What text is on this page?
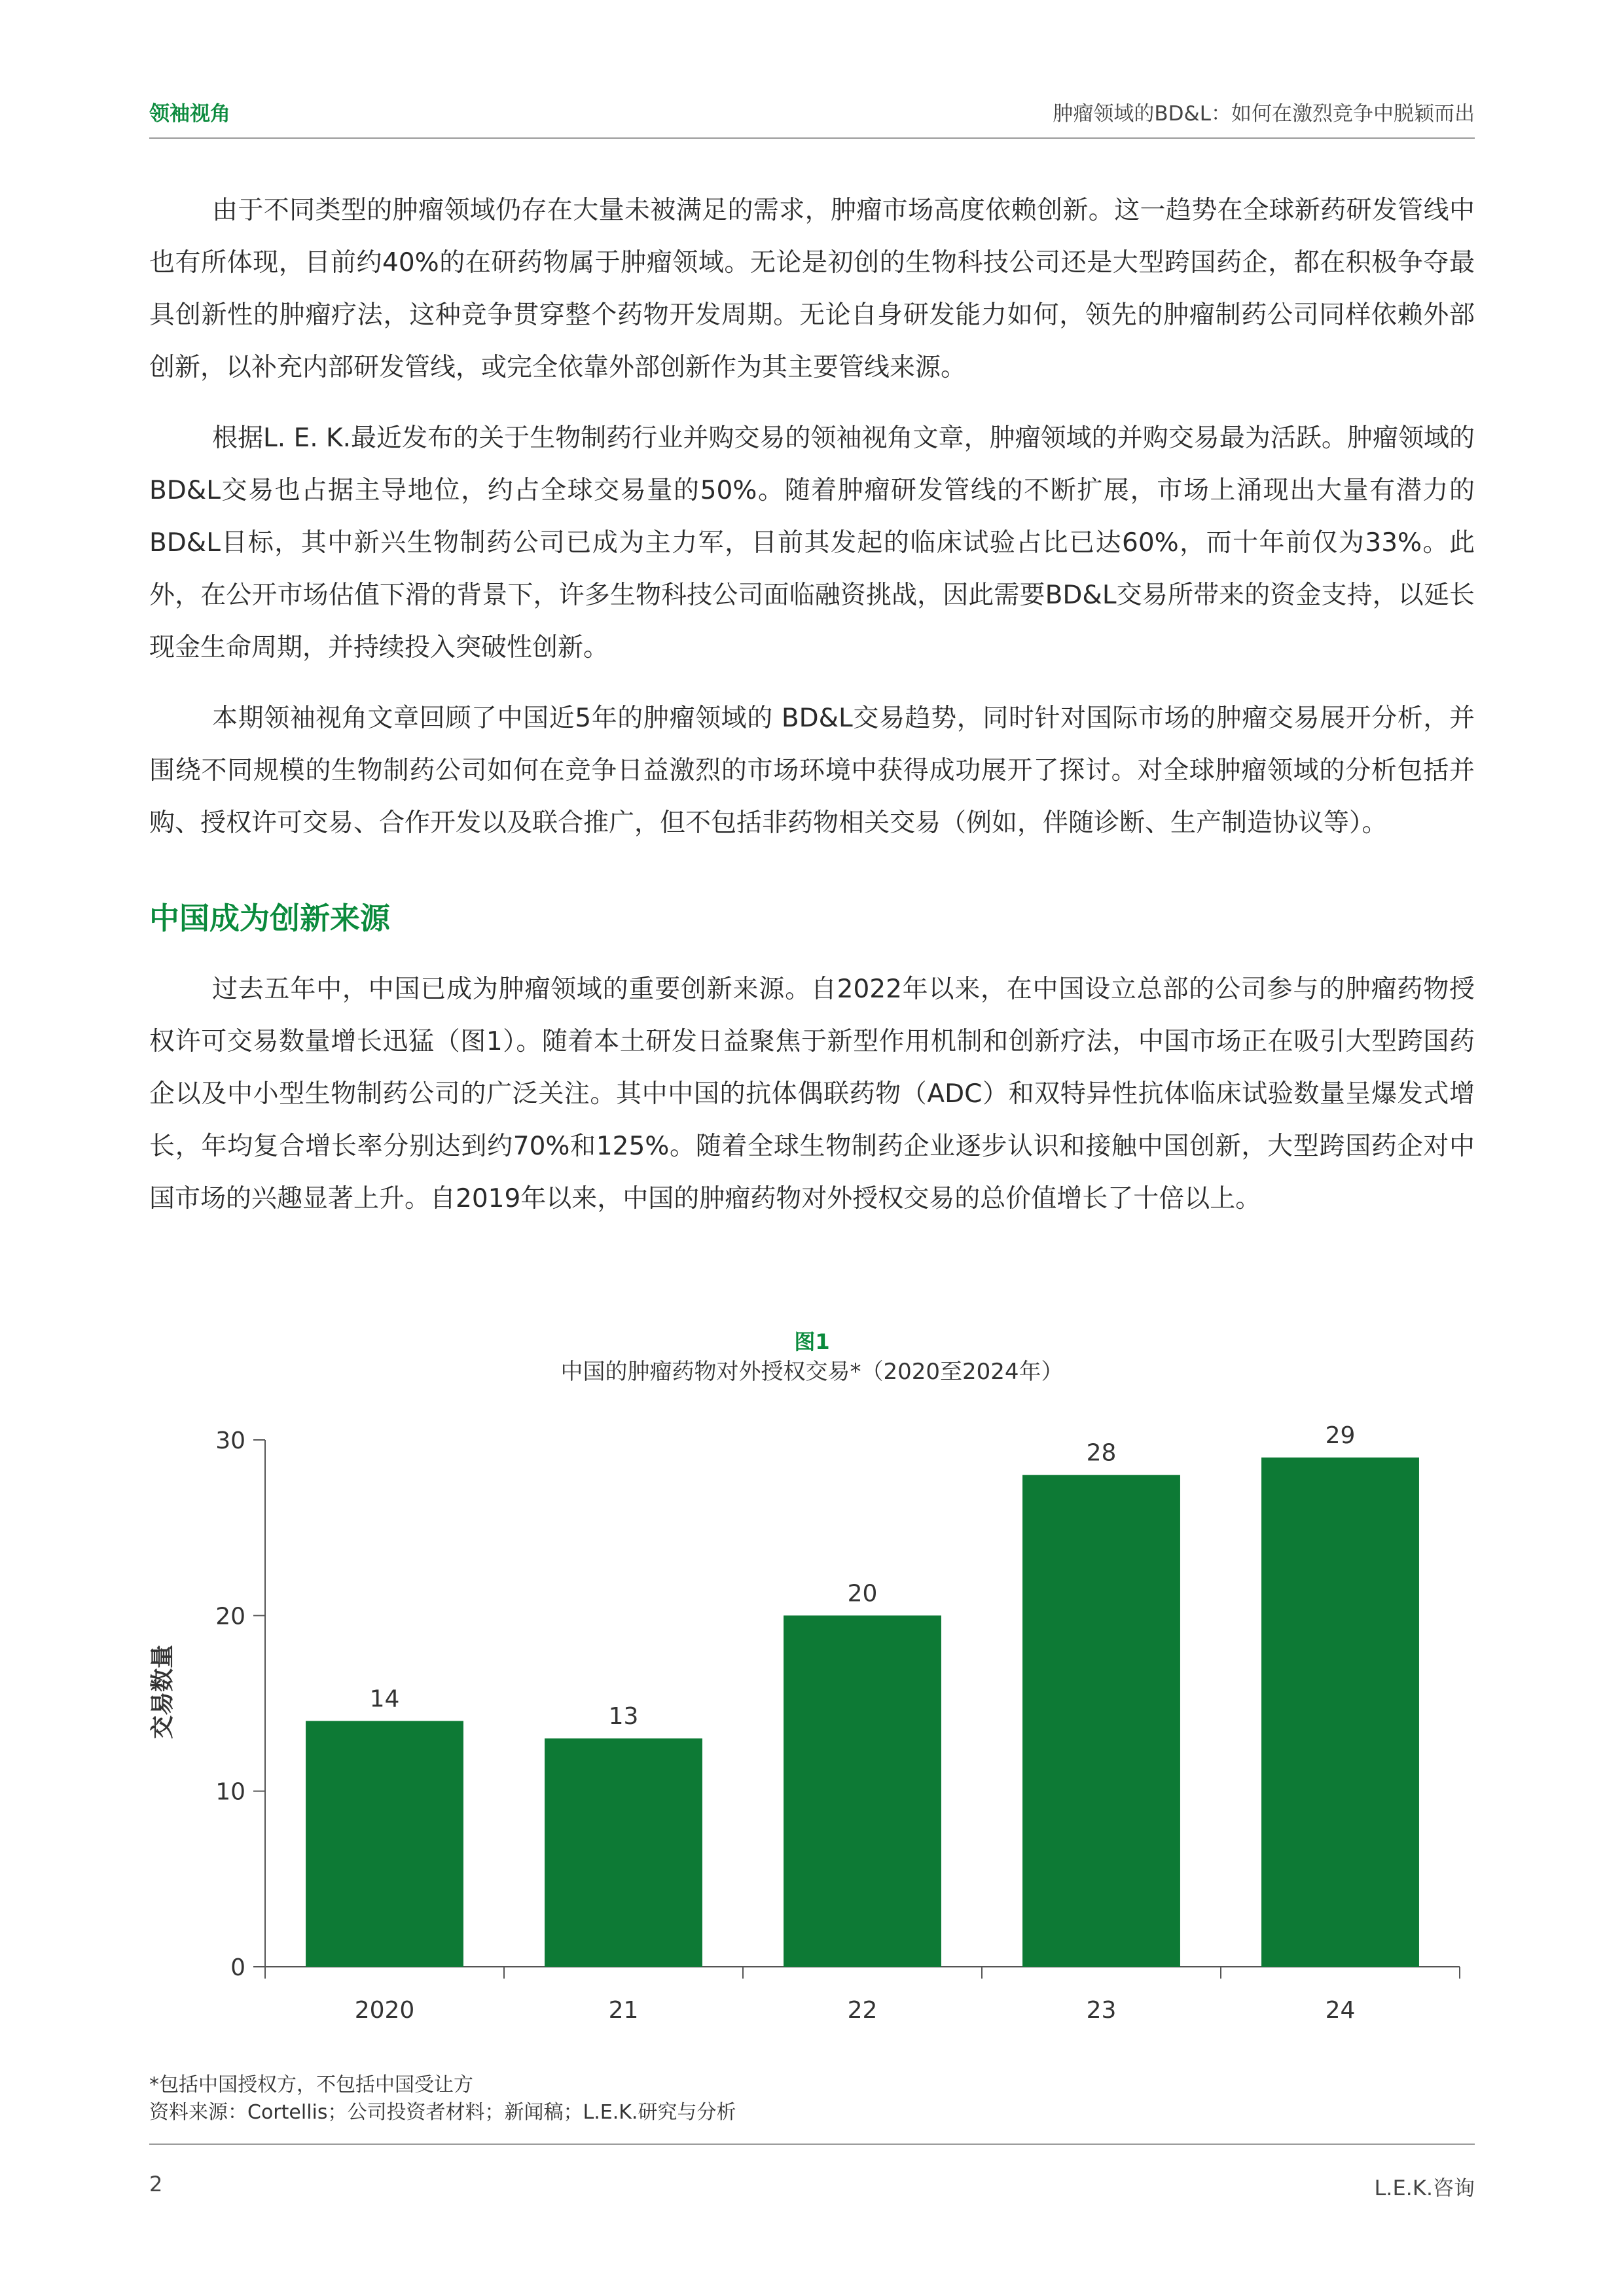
领袖视角	肿瘤领域的BD&L：如何在激烈竞争中脱颖而出

由于不同类型的肿瘤领域仍存在大量未被满足的需求，肿瘤市场高度依赖创新。这一趋势在全球新药研发管线中也有所体现，目前约40%的在研药物属于肿瘤领域。无论是初创的生物科技公司还是大型跨国药企，都在积极争夺最具创新性的肿瘤疗法，这种竞争贯穿整个药物开发周期。无论自身研发能力如何，领先的肿瘤制药公司同样依赖外部创新，以补充内部研发管线，或完全依靠外部创新作为其主要管线来源。

根据L. E. K.最近发布的关于生物制药行业并购交易的领袖视角文章，肿瘤领域的并购交易最为活跃。肿瘤领域的BD&L交易也占据主导地位，约占全球交易量的50%。随着肿瘤研发管线的不断扩展，市场上涌现出大量有潜力的BD&L目标，其中新兴生物制药公司已成为主力军，目前其发起的临床试验占比已达60%，而十年前仅为33%。此外，在公开市场估值下滑的背景下，许多生物科技公司面临融资挑战，因此需要BD&L交易所带来的资金支持，以延长现金生命周期，并持续投入突破性创新。

本期领袖视角文章回顾了中国近5年的肿瘤领域的 BD&L交易趋势，同时针对国际市场的肿瘤交易展开分析，并围绕不同规模的生物制药公司如何在竞争日益激烈的市场环境中获得成功展开了探讨。对全球肿瘤领域的分析包括并购、授权许可交易、合作开发以及联合推广，但不包括非药物相关交易（例如，伴随诊断、生产制造协议等）。

中国成为创新来源

过去五年中，中国已成为肿瘤领域的重要创新来源。自2022年以来，在中国设立总部的公司参与的肿瘤药物授权许可交易数量增长迅猛（图1）。随着本土研发日益聚焦于新型作用机制和创新疗法，中国市场正在吸引大型跨国药企以及中小型生物制药公司的广泛关注。其中中国的抗体偶联药物（ADC）和双特异性抗体临床试验数量呈爆发式增长，年均复合增长率分别达到约70%和125%。随着全球生物制药企业逐步认识和接触中国创新，大型跨国药企对中国市场的兴趣显著上升。自2019年以来，中国的肿瘤药物对外授权交易的总价值增长了十倍以上。

图1
中国的肿瘤药物对外授权交易*（2020至2024年）
0
10
20
30
2020	21	22	23	24
14
13
20
28
29
交易数量
*包括中国授权方，不包括中国受让方
资料来源：Cortellis；公司投资者材料；新闻稿；L.E.K.研究与分析
2	L.E.K.咨询
